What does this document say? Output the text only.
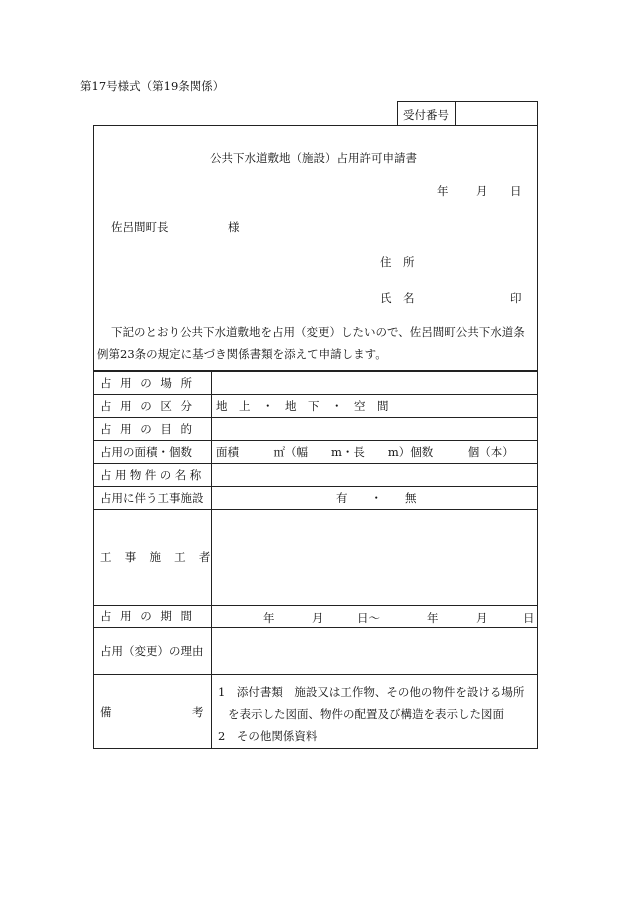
第17号様式（第19条関係）
受付番号
公共下水道敷地（施設）占用許可申請書
年 月 日
佐呂間町長	様
住　所
氏　名	印
下記のとおり公共下水道敷地を占用（変更）したいので、佐呂間町公共下水道条
例第23条の規定に基づき関係書類を添えて申請します。
占用の場所
占用の区分	地　上　・　地　下　・　空　間
占用の目的
占用の面積・個数	面積　　　㎡（幅　　m・長　　m）個数　　　個（本）
占用物件の名称
占用に伴う工事施設	有　　・　　無
工事施工者
占用の期間	年	月	日〜	年	月	日
占用（変更）の理由
備考
1　添付書類　施設又は工作物、その他の物件を設ける場所
を表示した図面、物件の配置及び構造を表示した図面
2　その他関係資料
